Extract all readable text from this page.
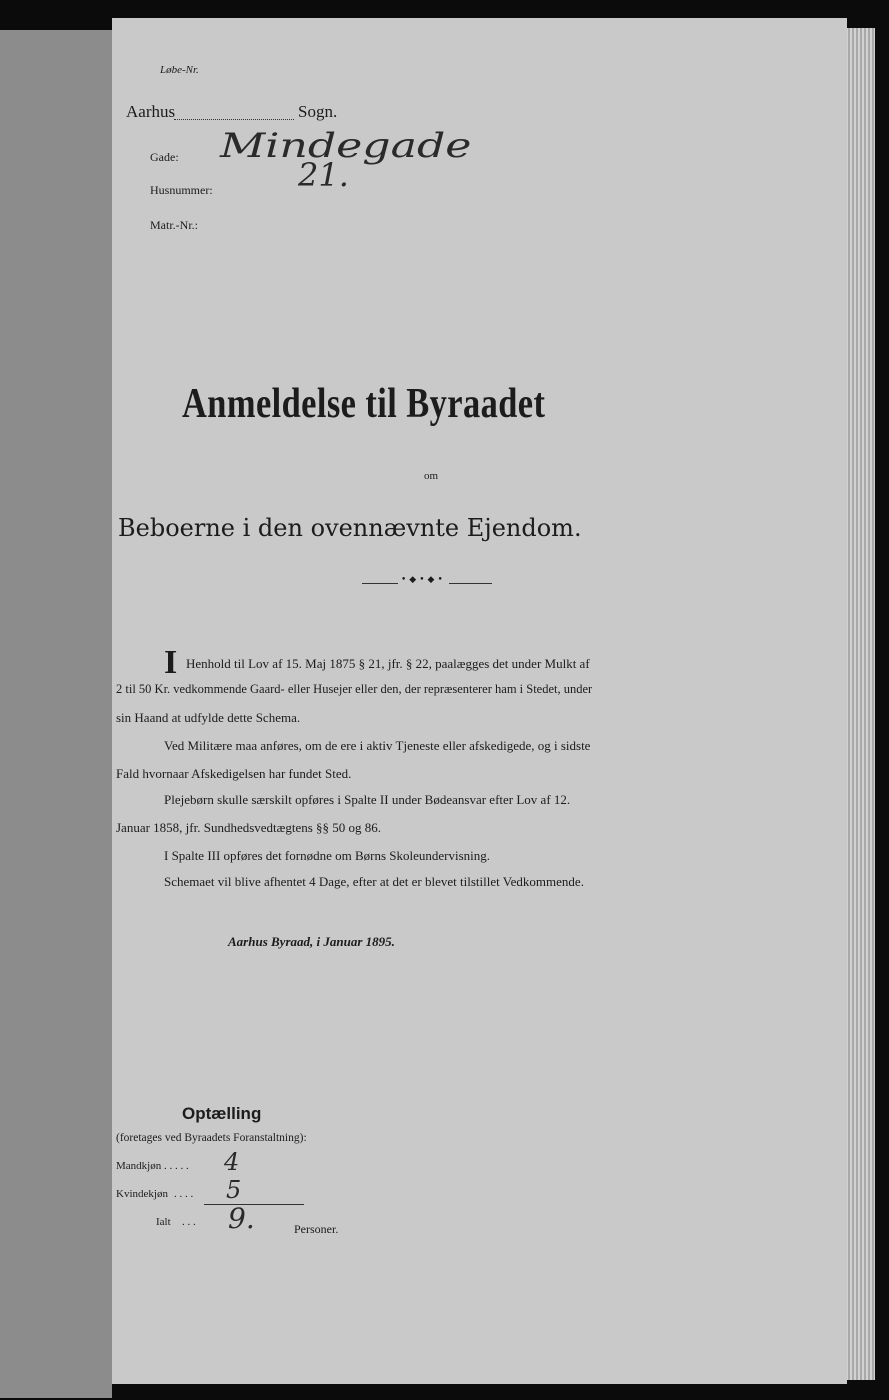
Løbe-Nr.
Aarhus	Sogn.
Gade: Mindegade
Husnummer:	21.
Matr.-Nr.:
Anmeldelse til Byraadet
om
Beboerne i den ovennævnte Ejendom.
•◆•◆•
I Henhold til Lov af 15. Maj 1875 § 21, jfr. § 22, paalægges det under Mulkt af
2 til 50 Kr. vedkommende Gaard- eller Husejer eller den, der repræsenterer ham i Stedet, under
sin Haand at udfylde dette Schema.
Ved Militære maa anføres, om de ere i aktiv Tjeneste eller afskedigede, og i sidste
Fald hvornaar Afskedigelsen har fundet Sted.
Plejebørn skulle særskilt opføres i Spalte II under Bødeansvar efter Lov af 12.
Januar 1858, jfr. Sundhedsvedtægtens §§ 50 og 86.
I Spalte III opføres det fornødne om Børns Skoleundervisning.
Schemaet vil blive afhentet 4 Dage, efter at det er blevet tilstillet Vedkommende.
Aarhus Byraad, i Januar 1895.
Optælling
(foretages ved Byraadets Foranstaltning):
Mandkjøn . . . . . 4
Kvindekjøn . . . . 5
Ialt . . . 9.	Personer.
